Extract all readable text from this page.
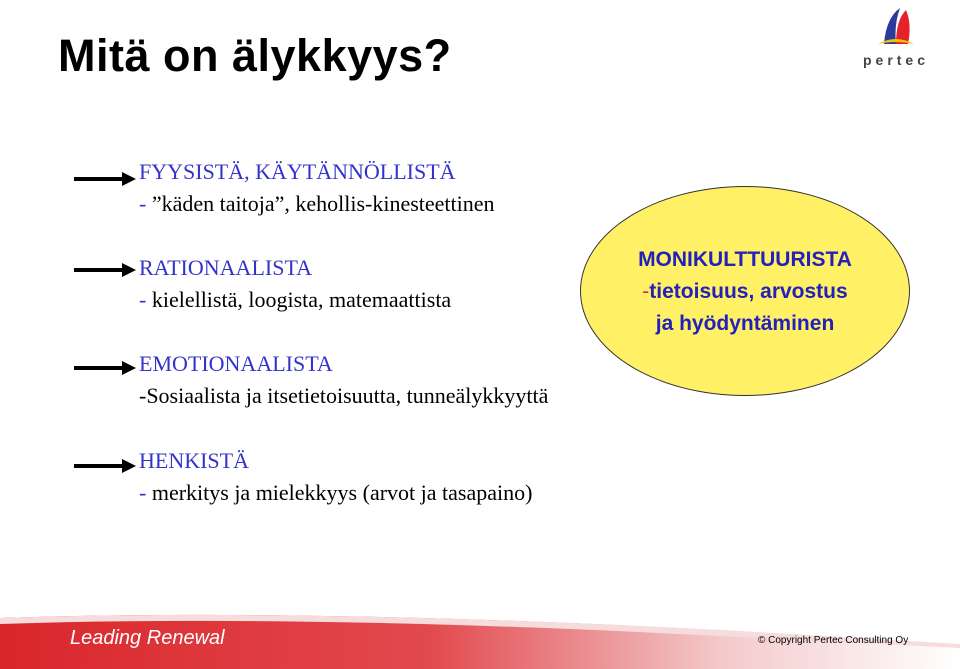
Mitä on älykkyys?	pertec
MONIKULTTUURISTA
-tietoisuus, arvostus
ja hyödyntäminen
FYYSISTÄ, KÄYTÄNNÖLLISTÄ
- ”käden taitoja”, kehollis-kinesteettinen
RATIONAALISTA
- kielellistä, loogista, matemaattista
EMOTIONAALISTA
-Sosiaalista ja itsetietoisuutta, tunneälykkyyttä
HENKISTÄ
- merkitys ja mielekkyys (arvot ja tasapaino)
Leading Renewal	© Copyright Pertec Consulting Oy
